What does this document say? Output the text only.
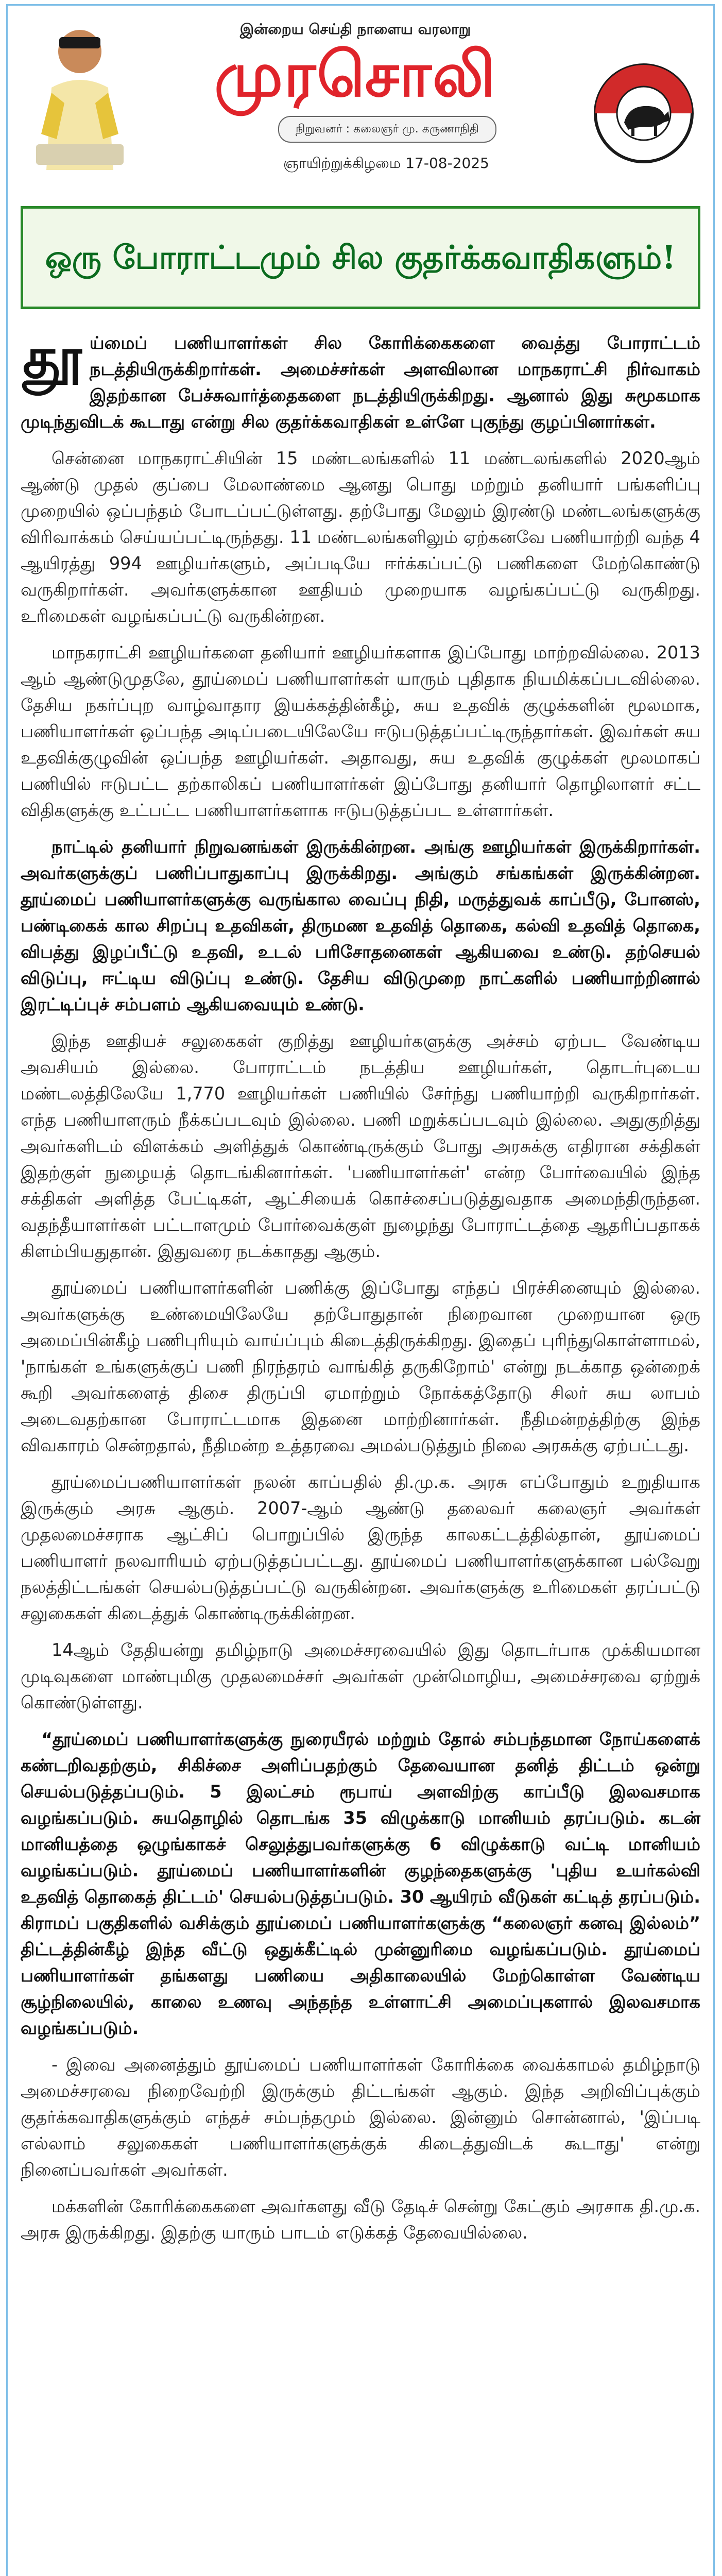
இன்றைய செய்தி நாளைய வரலாறு
முரசொலி
நிறுவனர் : கலைஞர் மு. கருணாநிதி
ஞாயிற்றுக்கிழமை 17-08-2025
ஒரு போராட்டமும் சில குதர்க்கவாதிகளும்!

தூய்மைப் பணியாளர்கள் சில கோரிக்கைகளை வைத்து போராட்டம் நடத்தியிருக்கிறார்கள். அமைச்சர்கள் அளவிலான மாநகராட்சி நிர்வாகம் இதற்கான பேச்சுவார்த்தைகளை நடத்தியிருக்கிறது. ஆனால் இது சுமூகமாக முடிந்துவிடக் கூடாது என்று சில குதர்க்கவாதிகள் உள்ளே புகுந்து குழப்பினார்கள்.

சென்னை மாநகராட்சியின் 15 மண்டலங்களில் 11 மண்டலங்களில் 2020ஆம் ஆண்டு முதல் குப்பை மேலாண்மை ஆனது பொது மற்றும் தனியார் பங்களிப்பு முறையில் ஒப்பந்தம் போடப்பட்டுள்ளது. தற்போது மேலும் இரண்டு மண்டலங்களுக்கு விரிவாக்கம் செய்யப்பட்டிருந்தது. 11 மண்டலங்களிலும் ஏற்கனவே பணியாற்றி வந்த 4 ஆயிரத்து 994 ஊழியர்களும், அப்படியே ஈர்க்கப்பட்டு பணிகளை மேற்கொண்டு வருகிறார்கள். அவர்களுக்கான ஊதியம் முறையாக வழங்கப்பட்டு வருகிறது. உரிமைகள் வழங்கப்பட்டு வருகின்றன.

மாநகராட்சி ஊழியர்களை தனியார் ஊழியர்களாக இப்போது மாற்றவில்லை. 2013 ஆம் ஆண்டுமுதலே, தூய்மைப் பணியாளர்கள் யாரும் புதிதாக நியமிக்கப்படவில்லை. தேசிய நகர்ப்புற வாழ்வாதார இயக்கத்தின்கீழ், சுய உதவிக் குழுக்களின் மூலமாக, பணியாளர்கள் ஒப்பந்த அடிப்படையிலேயே ஈடுபடுத்தப்பட்டிருந்தார்கள். இவர்கள் சுய உதவிக்குழுவின் ஒப்பந்த ஊழியர்கள். அதாவது, சுய உதவிக் குழுக்கள் மூலமாகப் பணியில் ஈடுபட்ட தற்காலிகப் பணியாளர்கள் இப்போது தனியார் தொழிலாளர் சட்ட விதிகளுக்கு உட்பட்ட பணியாளர்களாக ஈடுபடுத்தப்பட உள்ளார்கள்.

நாட்டில் தனியார் நிறுவனங்கள் இருக்கின்றன. அங்கு ஊழியர்கள் இருக்கிறார்கள். அவர்களுக்குப் பணிப்பாதுகாப்பு இருக்கிறது. அங்கும் சங்கங்கள் இருக்கின்றன. தூய்மைப் பணியாளர்களுக்கு வருங்கால வைப்பு நிதி, மருத்துவக் காப்பீடு, போனஸ், பண்டிகைக் கால சிறப்பு உதவிகள், திருமண உதவித் தொகை, கல்வி உதவித் தொகை, விபத்து இழப்பீட்டு உதவி, உடல் பரிசோதனைகள் ஆகியவை உண்டு. தற்செயல் விடுப்பு, ஈட்டிய விடுப்பு உண்டு. தேசிய விடுமுறை நாட்களில் பணியாற்றினால் இரட்டிப்புச் சம்பளம் ஆகியவையும் உண்டு.

இந்த ஊதியச் சலுகைகள் குறித்து ஊழியர்களுக்கு அச்சம் ஏற்பட வேண்டிய அவசியம் இல்லை. போராட்டம் நடத்திய ஊழியர்கள், தொடர்புடைய மண்டலத்திலேயே 1,770 ஊழியர்கள் பணியில் சேர்ந்து பணியாற்றி வருகிறார்கள். எந்த பணியாளரும் நீக்கப்படவும் இல்லை. பணி மறுக்கப்படவும் இல்லை. அதுகுறித்து அவர்களிடம் விளக்கம் அளித்துக் கொண்டிருக்கும் போது அரசுக்கு எதிரான சக்திகள் இதற்குள் நுழையத் தொடங்கினார்கள். 'பணியாளர்கள்' என்ற போர்வையில் இந்த சக்திகள் அளித்த பேட்டிகள், ஆட்சியைக் கொச்சைப்படுத்துவதாக அமைந்திருந்தன. வதந்தீயாளர்கள் பட்டாளமும் போர்வைக்குள் நுழைந்து போராட்டத்தை ஆதரிப்பதாகக் கிளம்பியதுதான். இதுவரை நடக்காதது ஆகும்.

தூய்மைப் பணியாளர்களின் பணிக்கு இப்போது எந்தப் பிரச்சினையும் இல்லை. அவர்களுக்கு உண்மையிலேயே தற்போதுதான் நிறைவான முறையான ஒரு அமைப்பின்கீழ் பணிபுரியும் வாய்ப்பும் கிடைத்திருக்கிறது. இதைப் புரிந்துகொள்ளாமல், 'நாங்கள் உங்களுக்குப் பணி நிரந்தரம் வாங்கித் தருகிறோம்' என்று நடக்காத ஒன்றைக் கூறி அவர்களைத் திசை திருப்பி ஏமாற்றும் நோக்கத்தோடு சிலர் சுய லாபம் அடைவதற்கான போராட்டமாக இதனை மாற்றினார்கள். நீதிமன்றத்திற்கு இந்த விவகாரம் சென்றதால், நீதிமன்ற உத்தரவை அமல்படுத்தும் நிலை அரசுக்கு ஏற்பட்டது.

தூய்மைப்பணியாளர்கள் நலன் காப்பதில் தி.மு.க. அரசு எப்போதும் உறுதியாக இருக்கும் அரசு ஆகும். 2007-ஆம் ஆண்டு தலைவர் கலைஞர் அவர்கள் முதலமைச்சராக ஆட்சிப் பொறுப்பில் இருந்த காலகட்டத்தில்தான், தூய்மைப் பணியாளர் நலவாரியம் ஏற்படுத்தப்பட்டது. தூய்மைப் பணியாளர்களுக்கான பல்வேறு நலத்திட்டங்கள் செயல்படுத்தப்பட்டு வருகின்றன. அவர்களுக்கு உரிமைகள் தரப்பட்டு சலுகைகள் கிடைத்துக் கொண்டிருக்கின்றன.

14ஆம் தேதியன்று தமிழ்நாடு அமைச்சரவையில் இது தொடர்பாக முக்கியமான முடிவுகளை மாண்புமிகு முதலமைச்சர் அவர்கள் முன்மொழிய, அமைச்சரவை ஏற்றுக் கொண்டுள்ளது.

“தூய்மைப் பணியாளர்களுக்கு நுரையீரல் மற்றும் தோல் சம்பந்தமான நோய்களைக் கண்டறிவதற்கும், சிகிச்சை அளிப்பதற்கும் தேவையான தனித் திட்டம் ஒன்று செயல்படுத்தப்படும். 5 இலட்சம் ரூபாய் அளவிற்கு காப்பீடு இலவசமாக வழங்கப்படும். சுயதொழில் தொடங்க 35 விழுக்காடு மானியம் தரப்படும். கடன் மானியத்தை ஒழுங்காகச் செலுத்துபவர்களுக்கு 6 விழுக்காடு வட்டி மானியம் வழங்கப்படும். தூய்மைப் பணியாளர்களின் குழந்தைகளுக்கு 'புதிய உயர்கல்வி உதவித் தொகைத் திட்டம்' செயல்படுத்தப்படும். 30 ஆயிரம் வீடுகள் கட்டித் தரப்படும். கிராமப் பகுதிகளில் வசிக்கும் தூய்மைப் பணியாளர்களுக்கு “கலைஞர் கனவு இல்லம்” திட்டத்தின்கீழ் இந்த வீட்டு ஒதுக்கீட்டில் முன்னுரிமை வழங்கப்படும். தூய்மைப் பணியாளர்கள் தங்களது பணியை அதிகாலையில் மேற்கொள்ள வேண்டிய சூழ்நிலையில், காலை உணவு அந்தந்த உள்ளாட்சி அமைப்புகளால் இலவசமாக வழங்கப்படும்.

- இவை அனைத்தும் தூய்மைப் பணியாளர்கள் கோரிக்கை வைக்காமல் தமிழ்நாடு அமைச்சரவை நிறைவேற்றி இருக்கும் திட்டங்கள் ஆகும். இந்த அறிவிப்புக்கும் குதர்க்கவாதிகளுக்கும் எந்தச் சம்பந்தமும் இல்லை. இன்னும் சொன்னால், 'இப்படி எல்லாம் சலுகைகள் பணியாளர்களுக்குக் கிடைத்துவிடக் கூடாது' என்று நினைப்பவர்கள் அவர்கள்.

மக்களின் கோரிக்கைகளை அவர்களது வீடு தேடிச் சென்று கேட்கும் அரசாக தி.மு.க. அரசு இருக்கிறது. இதற்கு யாரும் பாடம் எடுக்கத் தேவையில்லை.
